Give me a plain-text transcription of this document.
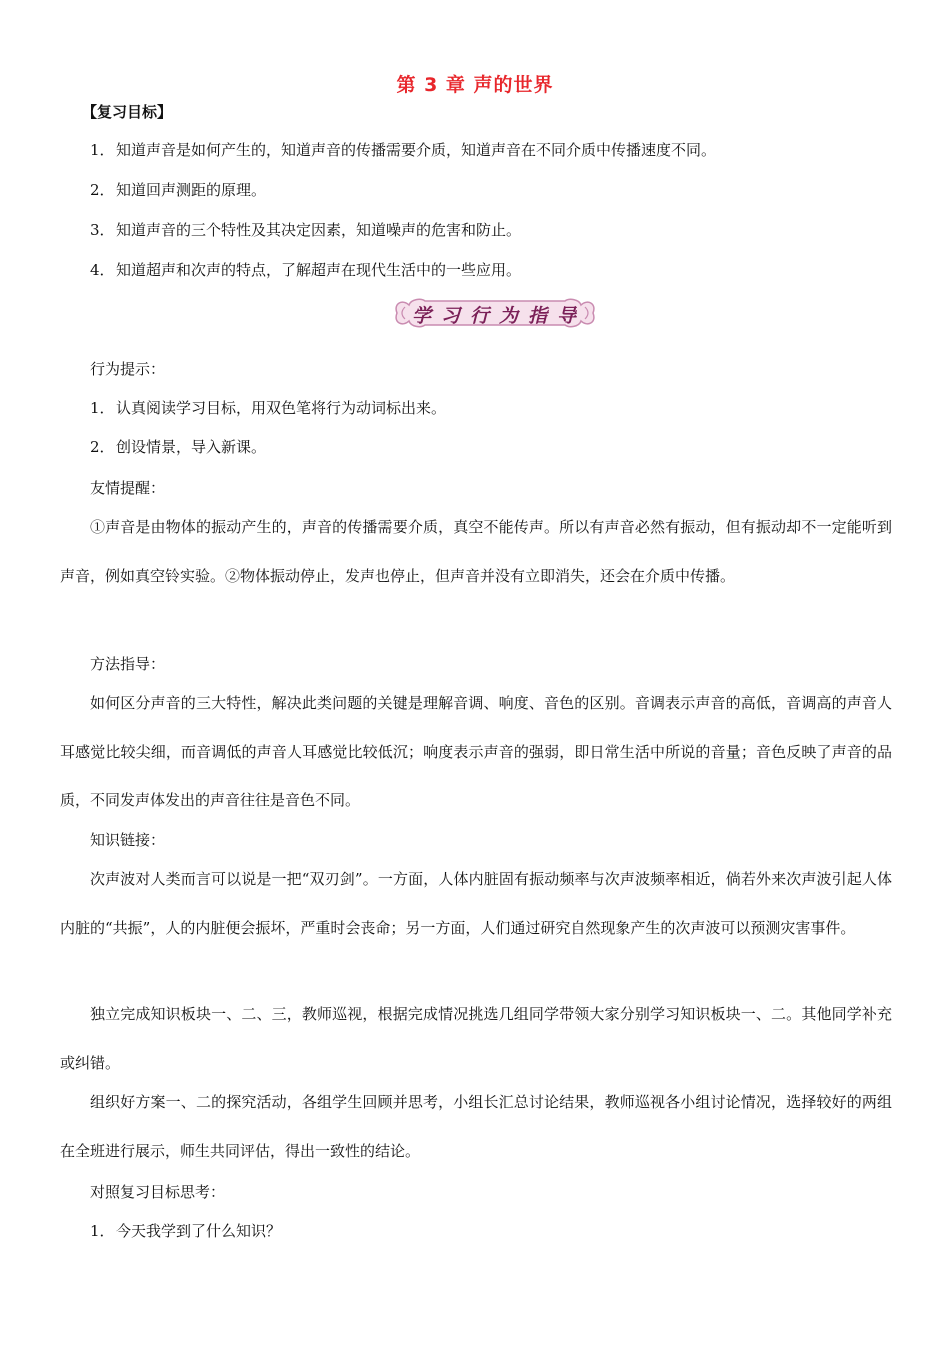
第 3 章 声的世界
【复习目标】
1．知道声音是如何产生的，知道声音的传播需要介质，知道声音在不同介质中传播速度不同。
2．知道回声测距的原理。
3．知道声音的三个特性及其决定因素，知道噪声的危害和防止。
4．知道超声和次声的特点，了解超声在现代生活中的一些应用。
学习行为指导
行为提示：
1．认真阅读学习目标，用双色笔将行为动词标出来。
2．创设情景，导入新课。
友情提醒：
①声音是由物体的振动产生的，声音的传播需要介质，真空不能传声。所以有声音必然有振动，但有振动却不一定能听到声音，例如真空铃实验。②物体振动停止，发声也停止，但声音并没有立即消失，还会在介质中传播。
方法指导：
如何区分声音的三大特性，解决此类问题的关键是理解音调、响度、音色的区别。音调表示声音的高低，音调高的声音人耳感觉比较尖细，而音调低的声音人耳感觉比较低沉；响度表示声音的强弱，即日常生活中所说的音量；音色反映了声音的品质，不同发声体发出的声音往往是音色不同。
知识链接：
次声波对人类而言可以说是一把“双刃剑”。一方面，人体内脏固有振动频率与次声波频率相近，倘若外来次声波引起人体内脏的“共振”，人的内脏便会振坏，严重时会丧命；另一方面，人们通过研究自然现象产生的次声波可以预测灾害事件。
独立完成知识板块一、二、三，教师巡视，根据完成情况挑选几组同学带领大家分别学习知识板块一、二。其他同学补充或纠错。
组织好方案一、二的探究活动，各组学生回顾并思考，小组长汇总讨论结果，教师巡视各小组讨论情况，选择较好的两组在全班进行展示，师生共同评估，得出一致性的结论。
对照复习目标思考：
1．今天我学到了什么知识？
